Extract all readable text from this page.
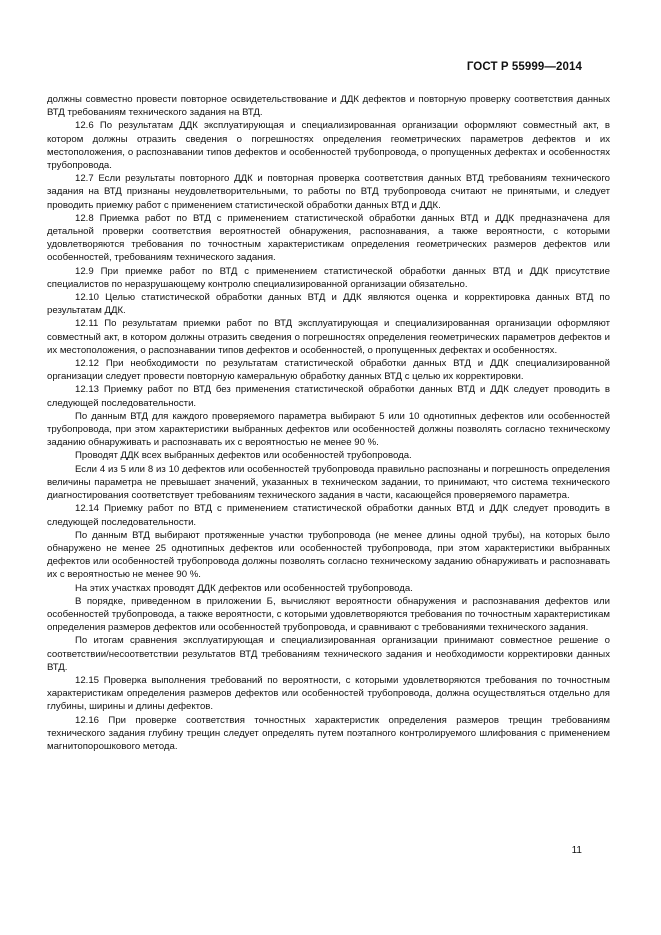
ГОСТ Р 55999—2014

должны совместно провести повторное освидетельствование и ДДК дефектов и повторную проверку соответствия данных ВТД требованиям технического задания на ВТД.

12.6 По результатам ДДК эксплуатирующая и специализированная организации оформляют совместный акт, в котором должны отразить сведения о погрешностях определения геометрических параметров дефектов и их местоположения, о распознавании типов дефектов и особенностей трубопровода, о пропущенных дефектах и особенностях трубопровода.

12.7 Если результаты повторного ДДК и повторная проверка соответствия данных ВТД требованиям технического задания на ВТД признаны неудовлетворительными, то работы по ВТД трубопровода считают не принятыми, и следует проводить приемку работ с применением статистической обработки данных ВТД и ДДК.

12.8 Приемка работ по ВТД с применением статистической обработки данных ВТД и ДДК предназначена для детальной проверки соответствия вероятностей обнаружения, распознавания, а также вероятности, с которыми удовлетворяются требования по точностным характеристикам определения геометрических размеров дефектов или особенностей, требованиям технического задания.

12.9 При приемке работ по ВТД с применением статистической обработки данных ВТД и ДДК присутствие специалистов по неразрушающему контролю специализированной организации обязательно.

12.10 Целью статистической обработки данных ВТД и ДДК являются оценка и корректировка данных ВТД по результатам ДДК.

12.11 По результатам приемки работ по ВТД эксплуатирующая и специализированная организации оформляют совместный акт, в котором должны отразить сведения о погрешностях определения геометрических параметров дефектов и их местоположения, о распознавании типов дефектов и особенностей, о пропущенных дефектах и особенностях.

12.12 При необходимости по результатам статистической обработки данных ВТД и ДДК специализированной организации следует провести повторную камеральную обработку данных ВТД с целью их корректировки.

12.13 Приемку работ по ВТД без применения статистической обработки данных ВТД и ДДК следует проводить в следующей последовательности.

По данным ВТД для каждого проверяемого параметра выбирают 5 или 10 однотипных дефектов или особенностей трубопровода, при этом характеристики выбранных дефектов или особенностей должны позволять согласно техническому заданию обнаруживать и распознавать их с вероятностью не менее 90 %.

Проводят ДДК всех выбранных дефектов или особенностей трубопровода.

Если 4 из 5 или 8 из 10 дефектов или особенностей трубопровода правильно распознаны и погрешность определения величины параметра не превышает значений, указанных в техническом задании, то принимают, что система технического диагностирования соответствует требованиям технического задания в части, касающейся проверяемого параметра.

12.14 Приемку работ по ВТД с применением статистической обработки данных ВТД и ДДК следует проводить в следующей последовательности.

По данным ВТД выбирают протяженные участки трубопровода (не менее длины одной трубы), на которых было обнаружено не менее 25 однотипных дефектов или особенностей трубопровода, при этом характеристики выбранных дефектов или особенностей трубопровода должны позволять согласно техническому заданию обнаруживать и распознавать их с вероятностью не менее 90 %.

На этих участках проводят ДДК дефектов или особенностей трубопровода.

В порядке, приведенном в приложении Б, вычисляют вероятности обнаружения и распознавания дефектов или особенностей трубопровода, а также вероятности, с которыми удовлетворяются требования по точностным характеристикам определения размеров дефектов или особенностей трубопровода, и сравнивают с требованиями технического задания.

По итогам сравнения эксплуатирующая и специализированная организации принимают совместное решение о соответствии/несоответствии результатов ВТД требованиям технического задания и необходимости корректировки данных ВТД.

12.15 Проверка выполнения требований по вероятности, с которыми удовлетворяются требования по точностным характеристикам определения размеров дефектов или особенностей трубопровода, должна осуществляться отдельно для глубины, ширины и длины дефектов.

12.16 При проверке соответствия точностных характеристик определения размеров трещин требованиям технического задания глубину трещин следует определять путем поэтапного контролируемого шлифования с применением магнитопорошкового метода.

11
